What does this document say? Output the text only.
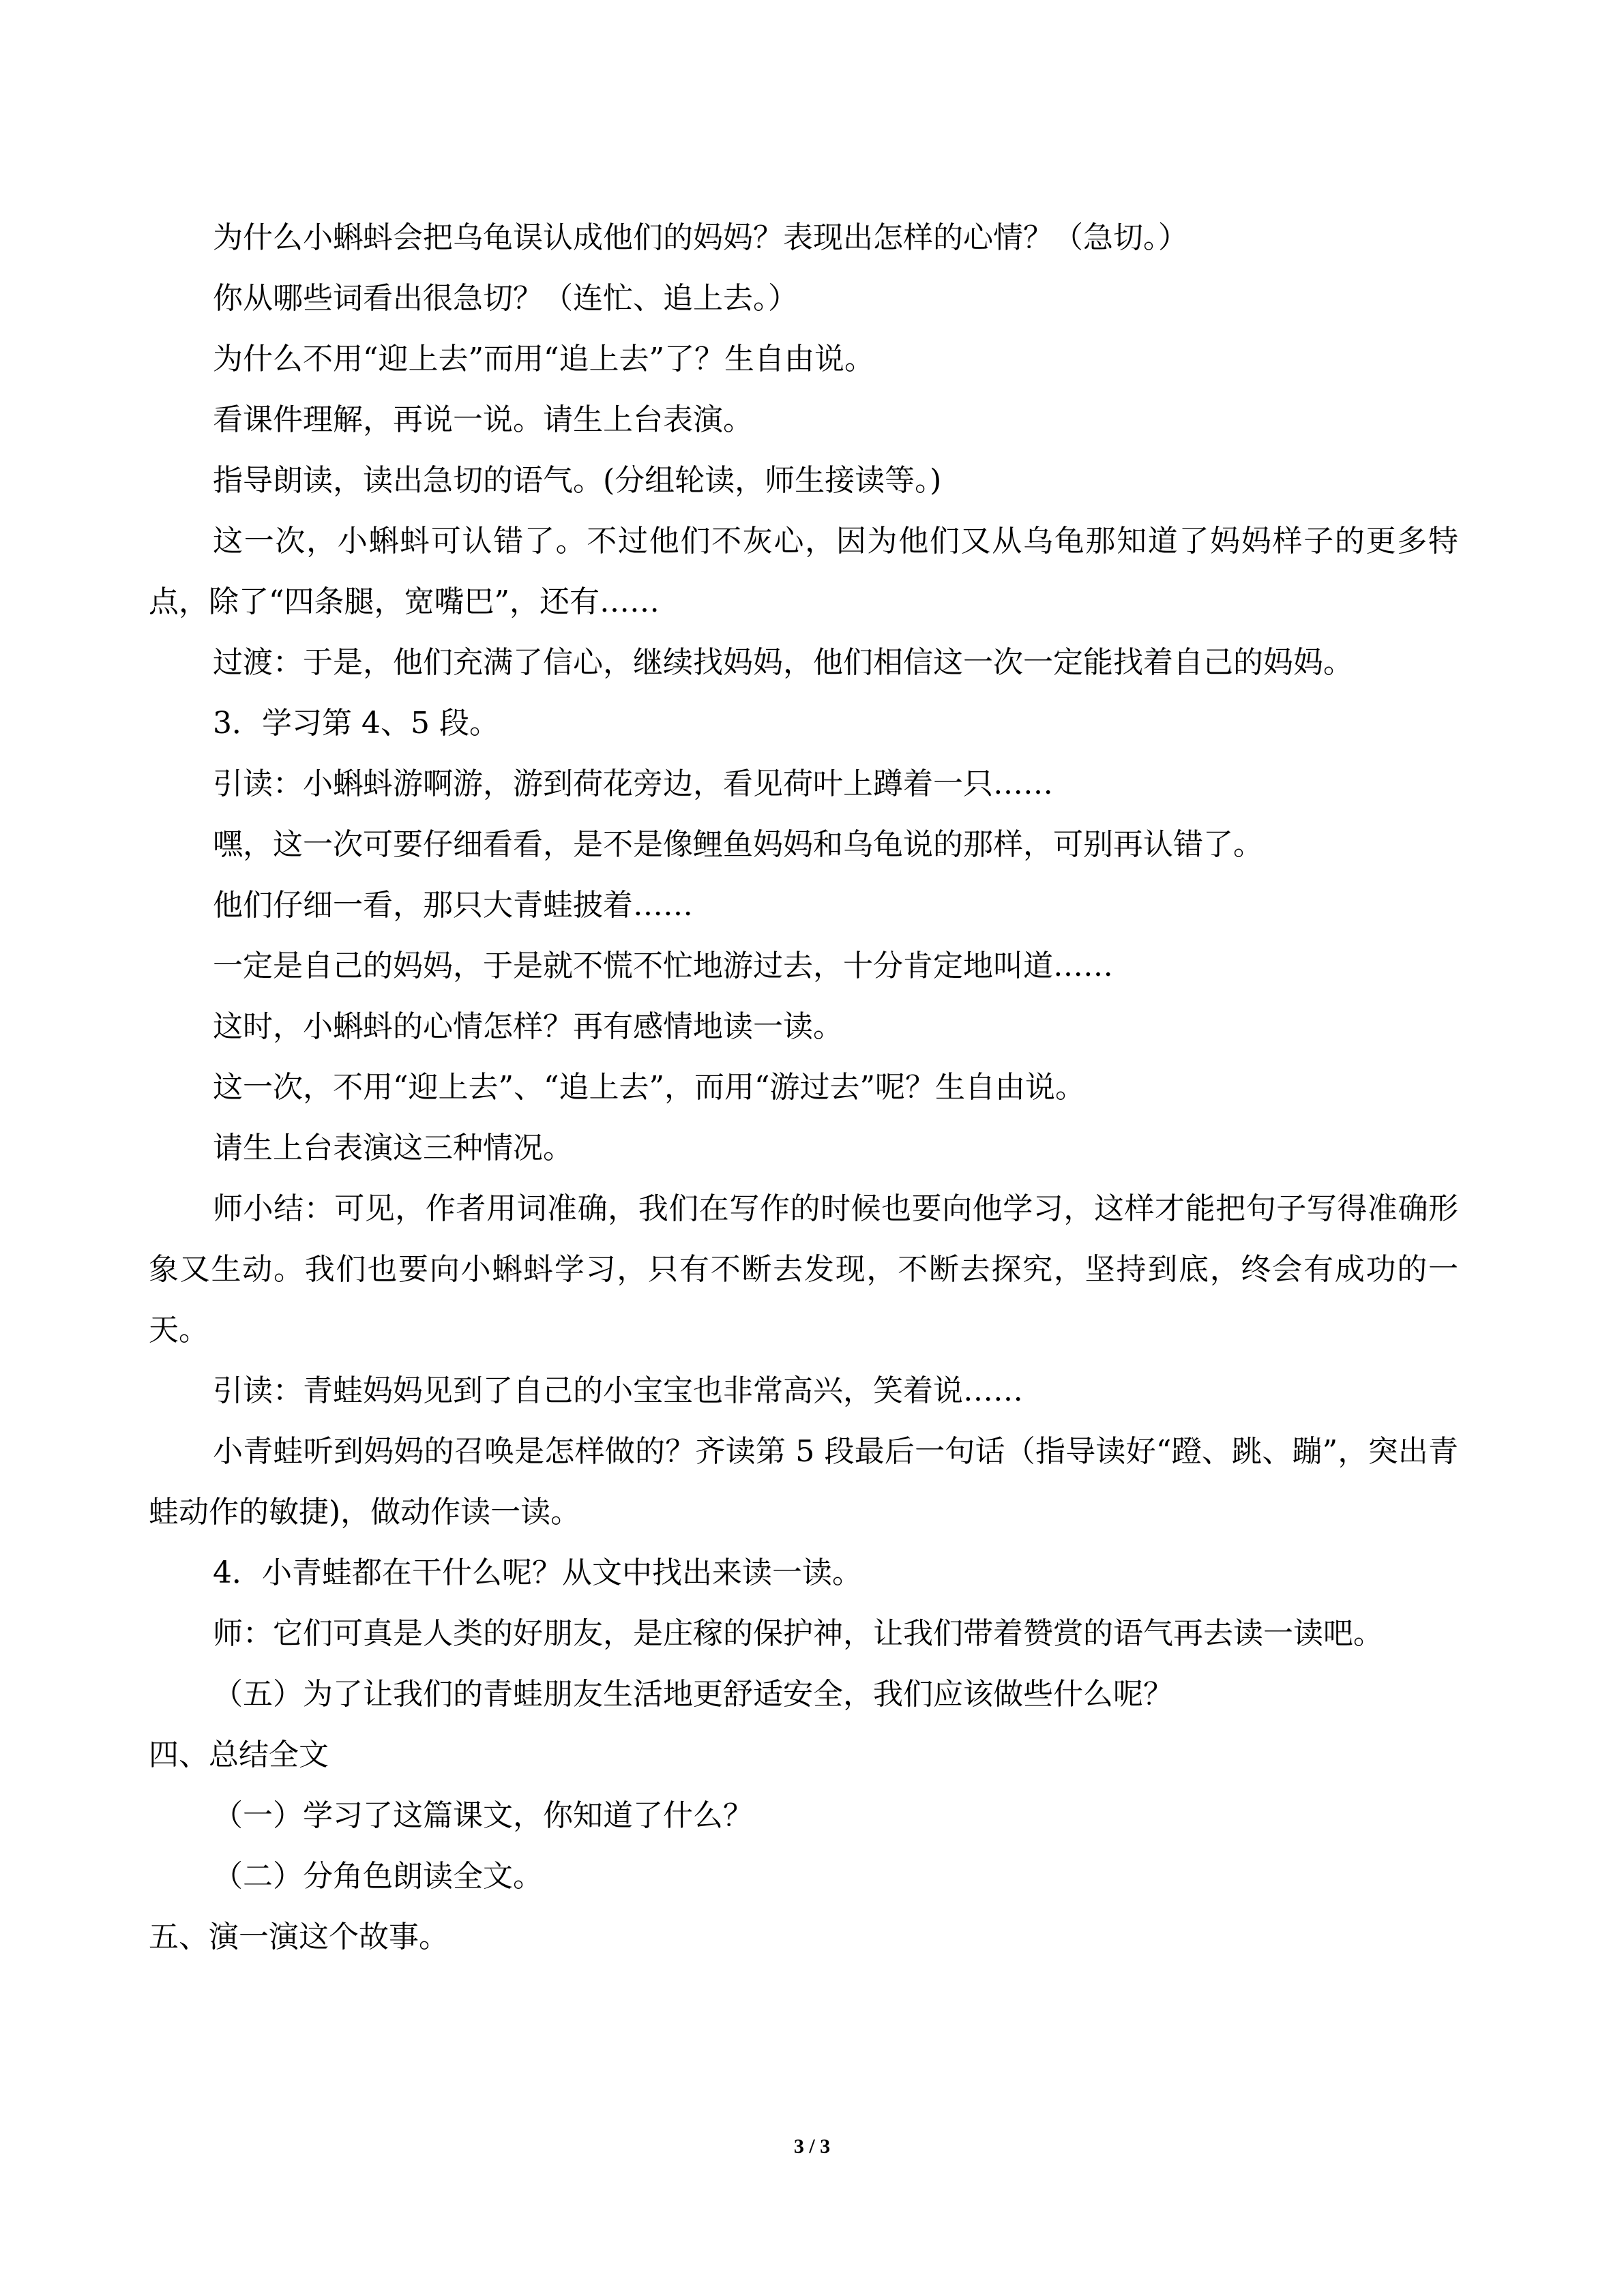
为什么小蝌蚪会把乌龟误认成他们的妈妈？表现出怎样的心情？（急切。）

你从哪些词看出很急切？（连忙、追上去。）

为什么不用“迎上去”而用“追上去”了？生自由说。

看课件理解，再说一说。请生上台表演。

指导朗读，读出急切的语气。(分组轮读，师生接读等。)

这一次，小蝌蚪可认错了。不过他们不灰心，因为他们又从乌龟那知道了妈妈样子的更多特点，除了“四条腿，宽嘴巴”，还有……

过渡：于是，他们充满了信心，继续找妈妈，他们相信这一次一定能找着自己的妈妈。

3．学习第 4、5 段。

引读：小蝌蚪游啊游，游到荷花旁边，看见荷叶上蹲着一只……

嘿，这一次可要仔细看看，是不是像鲤鱼妈妈和乌龟说的那样，可别再认错了。

他们仔细一看，那只大青蛙披着……

一定是自己的妈妈，于是就不慌不忙地游过去，十分肯定地叫道……

这时，小蝌蚪的心情怎样？再有感情地读一读。

这一次，不用“迎上去”、“追上去”，而用“游过去”呢？生自由说。

请生上台表演这三种情况。

师小结：可见，作者用词准确，我们在写作的时候也要向他学习，这样才能把句子写得准确形象又生动。我们也要向小蝌蚪学习，只有不断去发现，不断去探究，坚持到底，终会有成功的一天。

引读：青蛙妈妈见到了自己的小宝宝也非常高兴，笑着说……

小青蛙听到妈妈的召唤是怎样做的？齐读第 5 段最后一句话（指导读好“蹬、跳、蹦”，突出青蛙动作的敏捷)，做动作读一读。

4．小青蛙都在干什么呢？从文中找出来读一读。

师：它们可真是人类的好朋友，是庄稼的保护神，让我们带着赞赏的语气再去读一读吧。

（五）为了让我们的青蛙朋友生活地更舒适安全，我们应该做些什么呢？

四、总结全文

（一）学习了这篇课文，你知道了什么？

（二）分角色朗读全文。

五、演一演这个故事。

3 / 3
